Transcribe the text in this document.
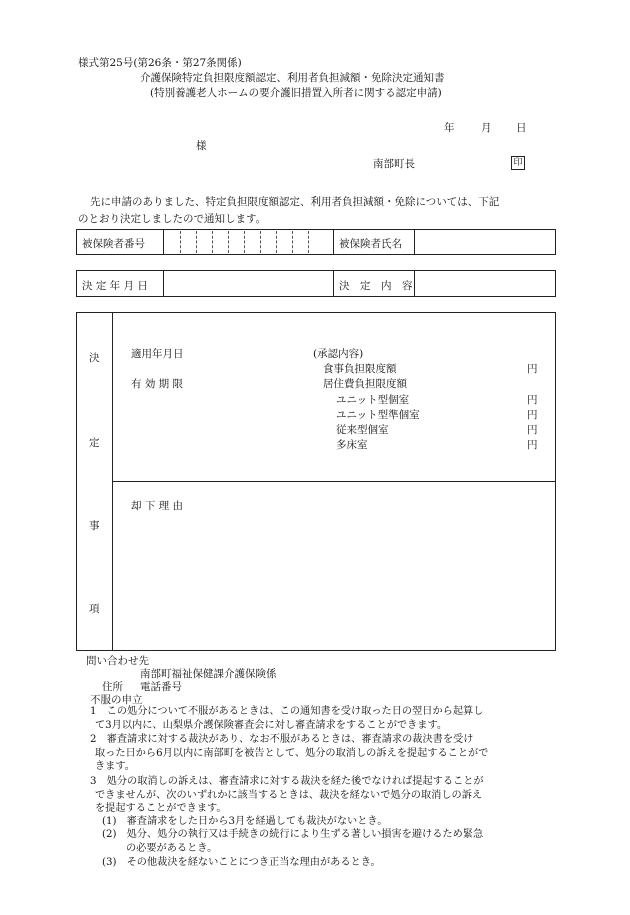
様式第25号(第26条・第27条関係)
介護保険特定負担限度額認定、利用者負担減額・免除決定通知書
(特別養護老人ホームの要介護旧措置入所者に関する認定申請)
年	月 日
様
南部町長	印
先に申請のありました、特定負担限度額認定、利用者負担減額・免除については、下記
のとおり決定しましたので通知します。
被保険者番号	被保険者氏名
決 定 年 月 日	決　定　内　容
決
定
事
項
適用年月日
有 効 期 限
(承認内容)
食事負担限度額	円
居住費負担限度額
ユニット型個室	円
ユニット型準個室	円
従来型個室	円
多床室	円
却 下 理 由
問い合わせ先
南部町福祉保健課介護保険係
住所 電話番号
不服の申立
1　この処分について不服があるときは、この通知書を受け取った日の翌日から起算し
て3月以内に、山梨県介護保険審査会に対し審査請求をすることができます。
2　審査請求に対する裁決があり、なお不服があるときは、審査請求の裁決書を受け
取った日から6月以内に南部町を被告として、処分の取消しの訴えを提起することがで
きます。
3　処分の取消しの訴えは、審査請求に対する裁決を経た後でなければ提起することが
できませんが、次のいずれかに該当するときは、裁決を経ないで処分の取消しの訴え
を提起することができます。
(1)　審査請求をした日から3月を経過しても裁決がないとき。
(2)　処分、処分の執行又は手続きの続行により生ずる著しい損害を避けるため緊急
の必要があるとき。
(3)　その他裁決を経ないことにつき正当な理由があるとき。
